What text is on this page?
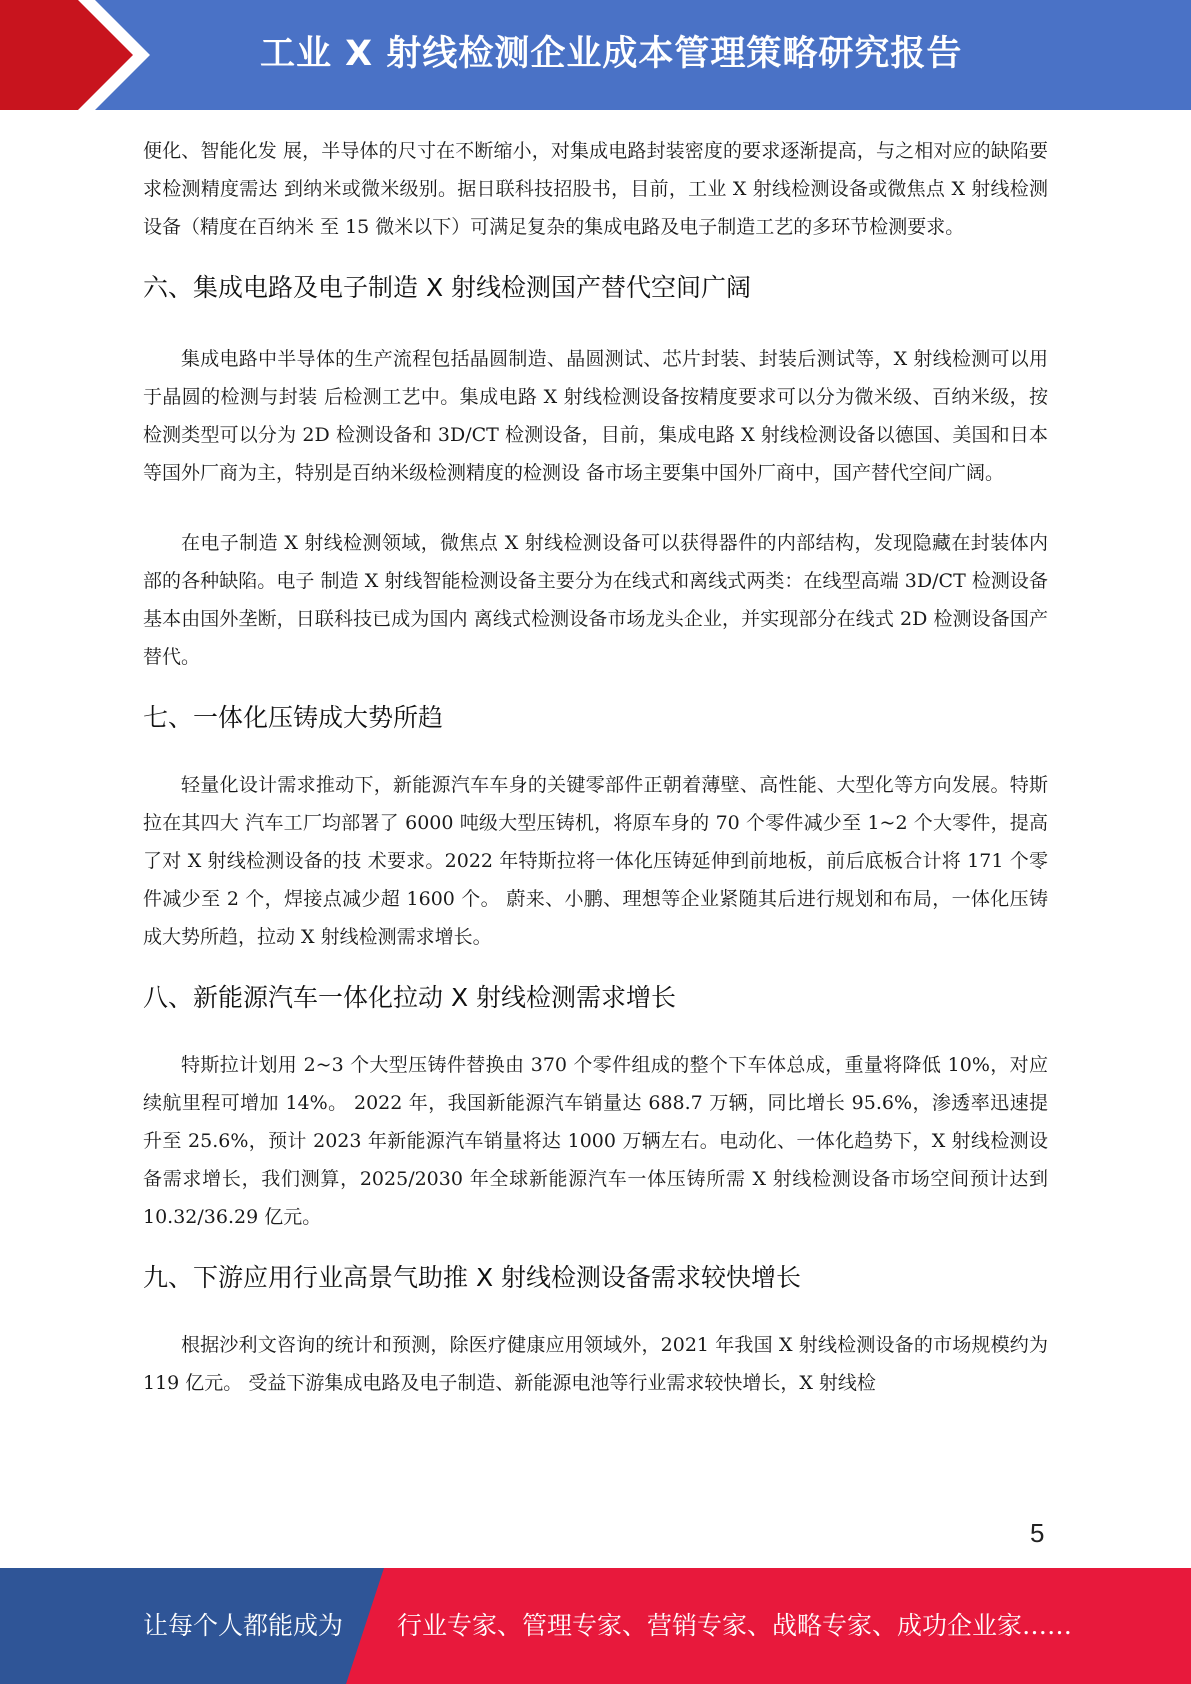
工业 X 射线检测企业成本管理策略研究报告

便化、智能化发 展，半导体的尺寸在不断缩小，对集成电路封装密度的要求逐渐提高，与之相对应的缺陷要求检测精度需达 到纳米或微米级别。据日联科技招股书，目前，工业 X 射线检测设备或微焦点 X 射线检测设备（精度在百纳米 至 15 微米以下）可满足复杂的集成电路及电子制造工艺的多环节检测要求。

六、集成电路及电子制造 X 射线检测国产替代空间广阔

集成电路中半导体的生产流程包括晶圆制造、晶圆测试、芯片封装、封装后测试等，X 射线检测可以用于晶圆的检测与封装 后检测工艺中。集成电路 X 射线检测设备按精度要求可以分为微米级、百纳米级，按检测类型可以分为 2D 检测设备和 3D/CT 检测设备，目前，集成电路 X 射线检测设备以德国、美国和日本等国外厂商为主，特别是百纳米级检测精度的检测设 备市场主要集中国外厂商中，国产替代空间广阔。

在电子制造 X 射线检测领域，微焦点 X 射线检测设备可以获得器件的内部结构，发现隐藏在封装体内部的各种缺陷。电子 制造 X 射线智能检测设备主要分为在线式和离线式两类：在线型高端 3D/CT 检测设备基本由国外垄断，日联科技已成为国内 离线式检测设备市场龙头企业，并实现部分在线式 2D 检测设备国产替代。

七、一体化压铸成大势所趋

轻量化设计需求推动下，新能源汽车车身的关键零部件正朝着薄壁、高性能、大型化等方向发展。特斯拉在其四大 汽车工厂均部署了 6000 吨级大型压铸机，将原车身的 70 个零件减少至 1~2 个大零件，提高了对 X 射线检测设备的技 术要求。2022 年特斯拉将一体化压铸延伸到前地板，前后底板合计将 171 个零件减少至 2 个，焊接点减少超 1600 个。 蔚来、小鹏、理想等企业紧随其后进行规划和布局，一体化压铸成大势所趋，拉动 X 射线检测需求增长。

八、新能源汽车一体化拉动 X 射线检测需求增长

特斯拉计划用 2~3 个大型压铸件替换由 370 个零件组成的整个下车体总成，重量将降低 10%，对应续航里程可增加 14%。 2022 年，我国新能源汽车销量达 688.7 万辆，同比增长 95.6%，渗透率迅速提升至 25.6%，预计 2023 年新能源汽车销量将达 1000 万辆左右。电动化、一体化趋势下，X 射线检测设备需求增长，我们测算，2025/2030 年全球新能源汽车一体压铸所需 X 射线检测设备市场空间预计达到 10.32/36.29 亿元。

九、下游应用行业高景气助推 X 射线检测设备需求较快增长

根据沙利文咨询的统计和预测，除医疗健康应用领域外，2021 年我国 X 射线检测设备的市场规模约为 119 亿元。 受益下游集成电路及电子制造、新能源电池等行业需求较快增长，X 射线检

5
让每个人都能成为 行业专家、管理专家、营销专家、战略专家、成功企业家……
